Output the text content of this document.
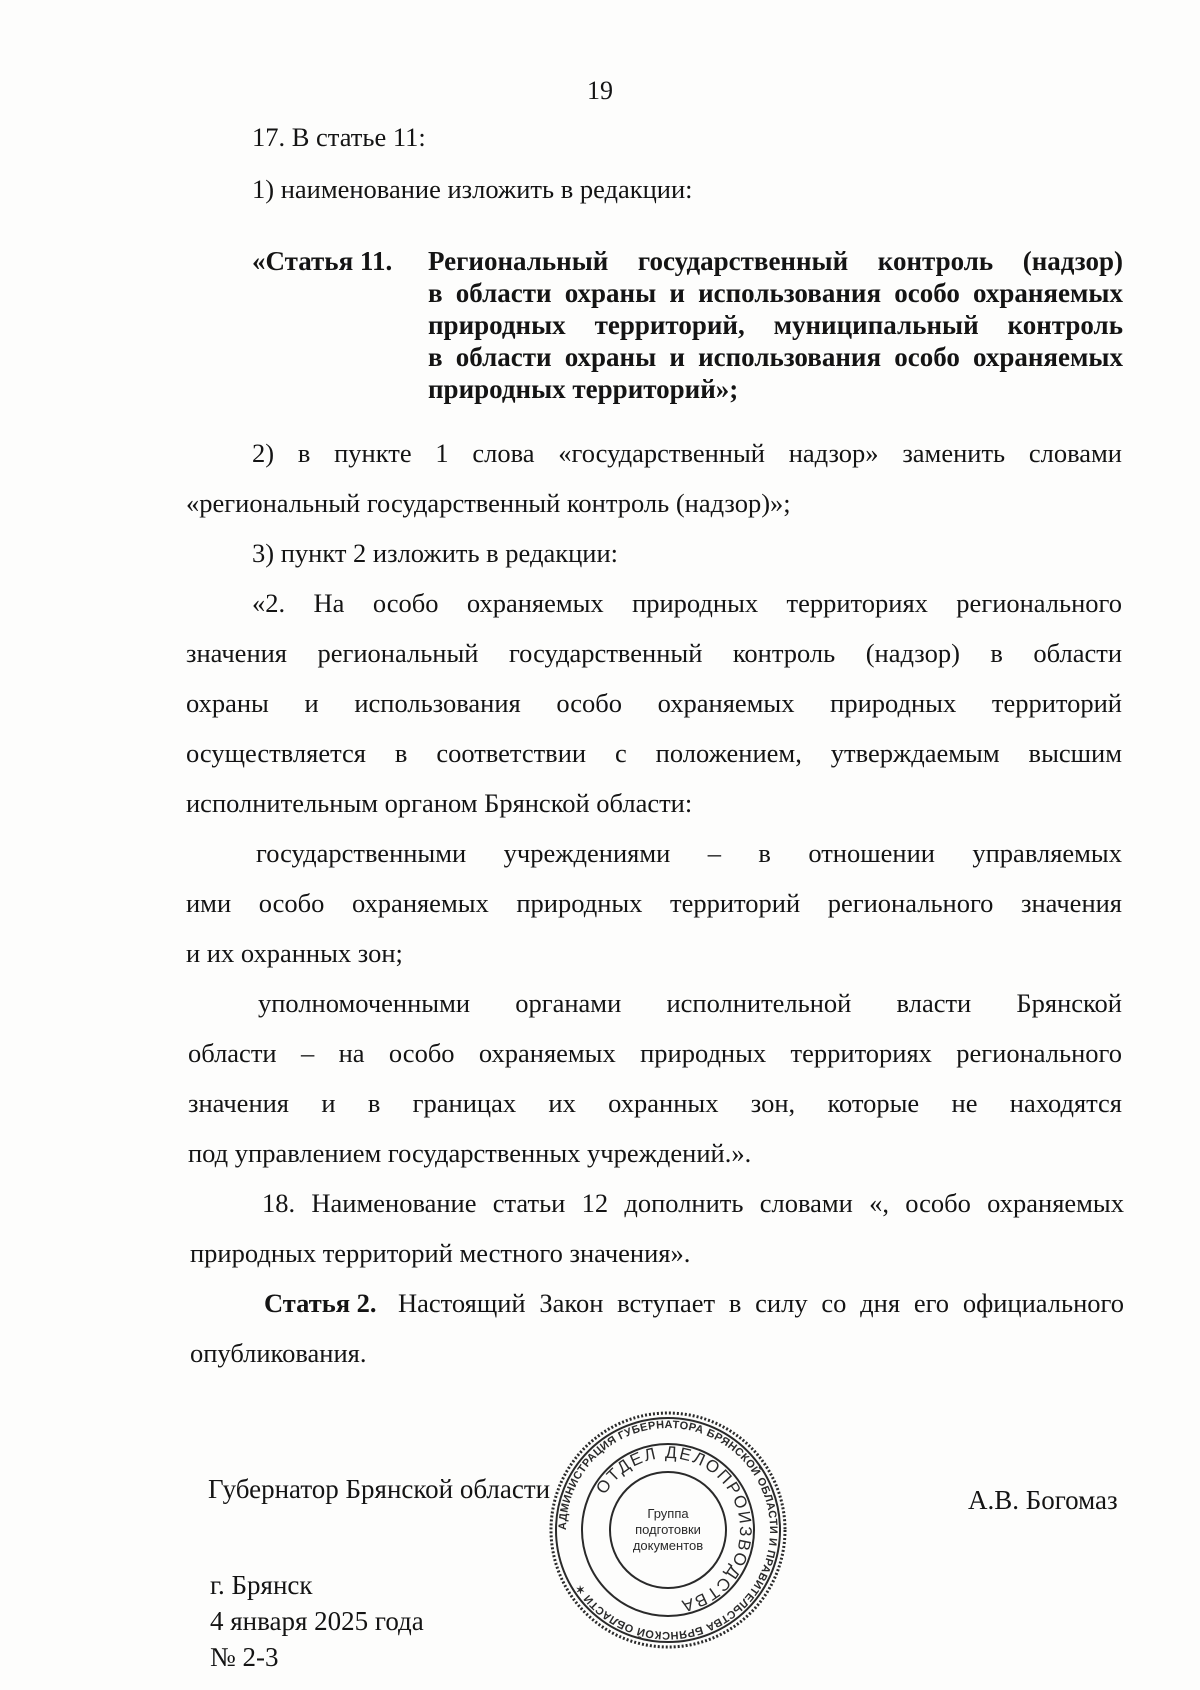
19
17. В статье 11:
1) наименование изложить в редакции:
«Статья 11. Региональный государственный контроль (надзор)
в области охраны и использования особо охраняемых
природных территорий, муниципальный контроль
в области охраны и использования особо охраняемых
природных территорий»;
2) в пункте 1 слова «государственный надзор» заменить словами
«региональный государственный контроль (надзор)»;
3) пункт 2 изложить в редакции:
«2. На особо охраняемых природных территориях регионального
значения региональный государственный контроль (надзор) в области
охраны и использования особо охраняемых природных территорий
осуществляется в соответствии с положением, утверждаемым высшим
исполнительным органом Брянской области:
государственными учреждениями – в отношении управляемых
ими особо охраняемых природных территорий регионального значения
и их охранных зон;
уполномоченными органами исполнительной власти Брянской
области – на особо охраняемых природных территориях регионального
значения и в границах их охранных зон, которые не находятся
под управлением государственных учреждений.».
18. Наименование статьи 12 дополнить словами «, особо охраняемых
природных территорий местного значения».
Статья 2. Настоящий Закон вступает в силу со дня его официального
опубликования.
Губернатор Брянской области	А.В. Богомаз
АДМИНИСТРАЦИЯ ГУБЕРНАТОРА БРЯНСКОЙ ОБЛАСТИ И ПРАВИТЕЛЬСТВА БРЯНСКОЙ ОБЛАСТИ ✶
ОТДЕЛ ДЕЛОПРОИЗВОДСТВА
Группа
подготовки
документов
г. Брянск
4 января 2025 года
№ 2-3
